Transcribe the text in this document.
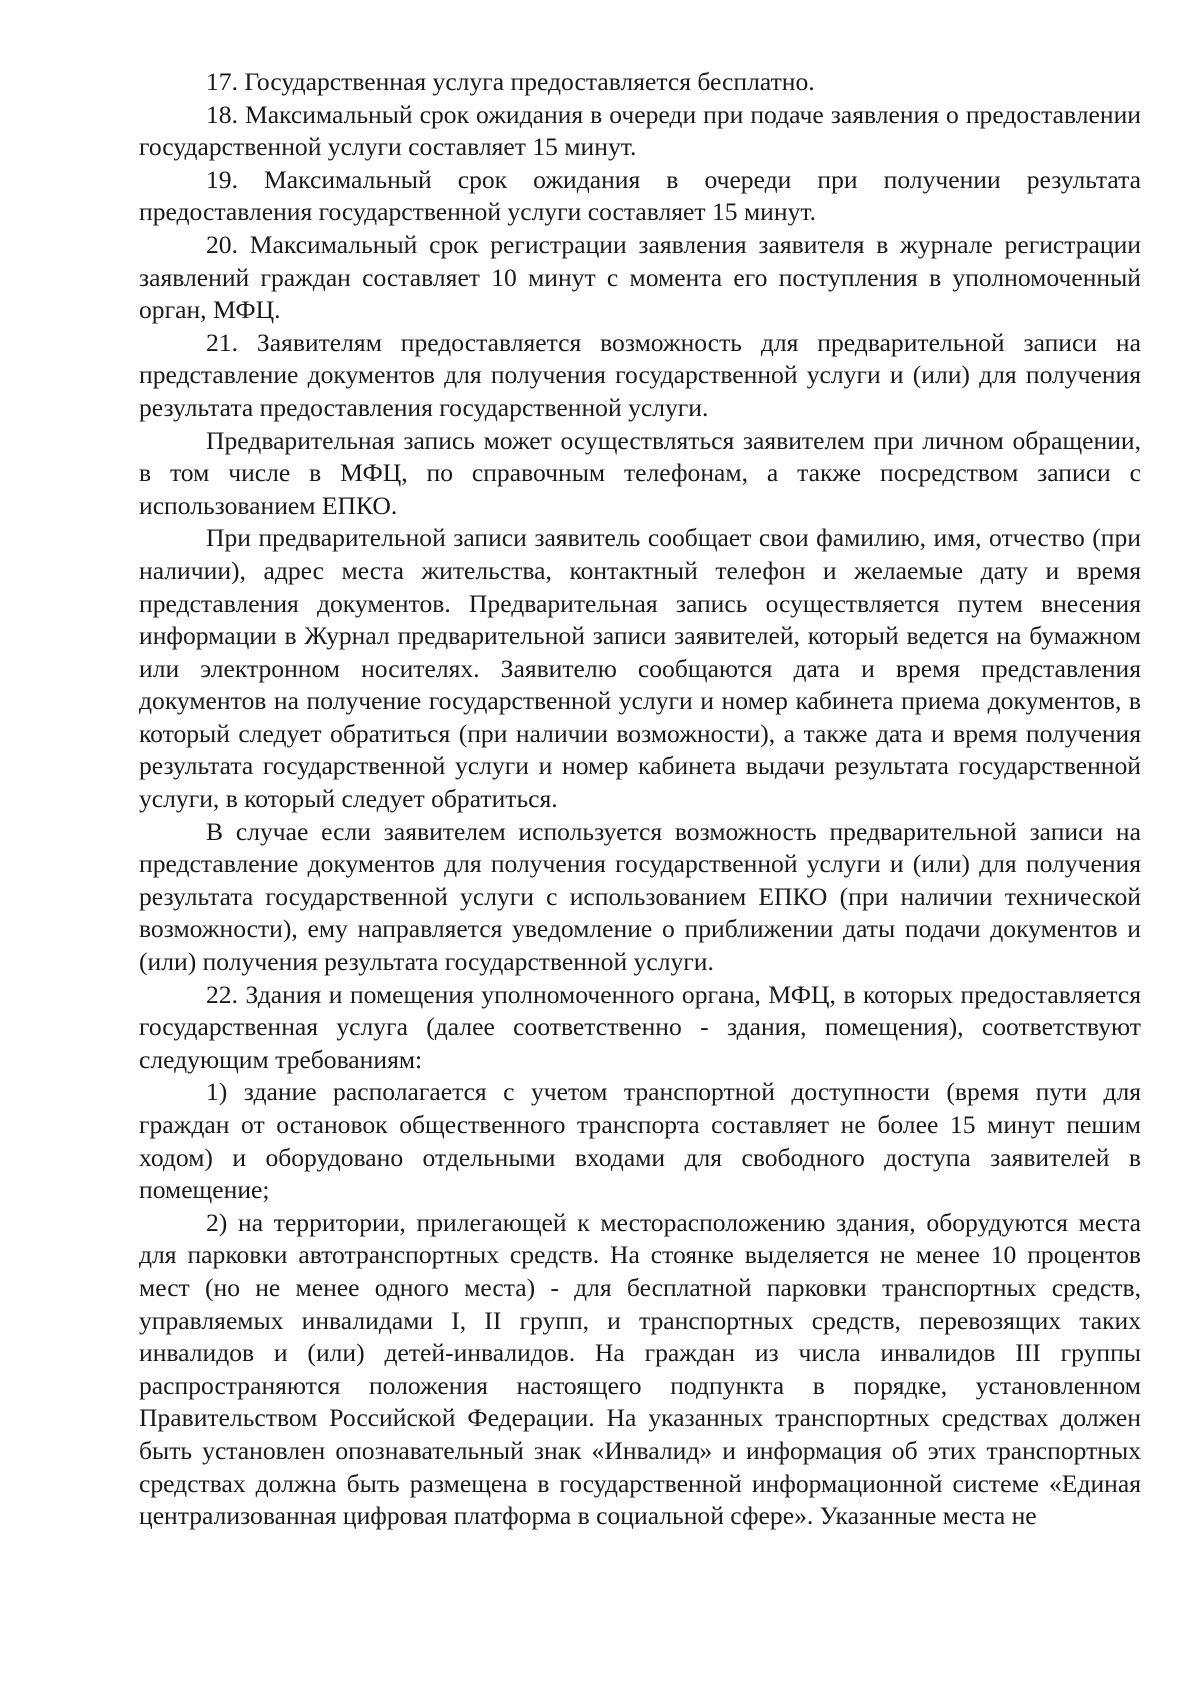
17. Государственная услуга предоставляется бесплатно.

18. Максимальный срок ожидания в очереди при подаче заявления о предоставлении государственной услуги составляет 15 минут.

19. Максимальный срок ожидания в очереди при получении результата предоставления государственной услуги составляет 15 минут.

20. Максимальный срок регистрации заявления заявителя в журнале регистрации заявлений граждан составляет 10 минут с момента его поступления в уполномоченный орган, МФЦ.

21. Заявителям предоставляется возможность для предварительной записи на представление документов для получения государственной услуги и (или) для получения результата предоставления государственной услуги.

Предварительная запись может осуществляться заявителем при личном обращении, в том числе в МФЦ, по справочным телефонам, а также посредством записи с использованием ЕПКО.

При предварительной записи заявитель сообщает свои фамилию, имя, отчество (при наличии), адрес места жительства, контактный телефон и желаемые дату и время представления документов. Предварительная запись осуществляется путем внесения информации в Журнал предварительной записи заявителей, который ведется на бумажном или электронном носителях. Заявителю сообщаются дата и время представления документов на получение государственной услуги и номер кабинета приема документов, в который следует обратиться (при наличии возможности), а также дата и время получения результата государственной услуги и номер кабинета выдачи результата государственной услуги, в который следует обратиться.

В случае если заявителем используется возможность предварительной записи на представление документов для получения государственной услуги и (или) для получения результата государственной услуги с использованием ЕПКО (при наличии технической возможности), ему направляется уведомление о приближении даты подачи документов и (или) получения результата государственной услуги.

22. Здания и помещения уполномоченного органа, МФЦ, в которых предоставляется государственная услуга (далее соответственно - здания, помещения), соответствуют следующим требованиям:

1) здание располагается с учетом транспортной доступности (время пути для граждан от остановок общественного транспорта составляет не более 15 минут пешим ходом) и оборудовано отдельными входами для свободного доступа заявителей в помещение;

2) на территории, прилегающей к месторасположению здания, оборудуются места для парковки автотранспортных средств. На стоянке выделяется не менее 10 процентов мест (но не менее одного места) - для бесплатной парковки транспортных средств, управляемых инвалидами I, II групп, и транспортных средств, перевозящих таких инвалидов и (или) детей-инвалидов. На граждан из числа инвалидов III группы распространяются положения настоящего подпункта в порядке, установленном Правительством Российской Федерации. На указанных транспортных средствах должен быть установлен опознавательный знак «Инвалид» и информация об этих транспортных средствах должна быть размещена в государственной информационной системе «Единая централизованная цифровая платформа в социальной сфере». Указанные места не
